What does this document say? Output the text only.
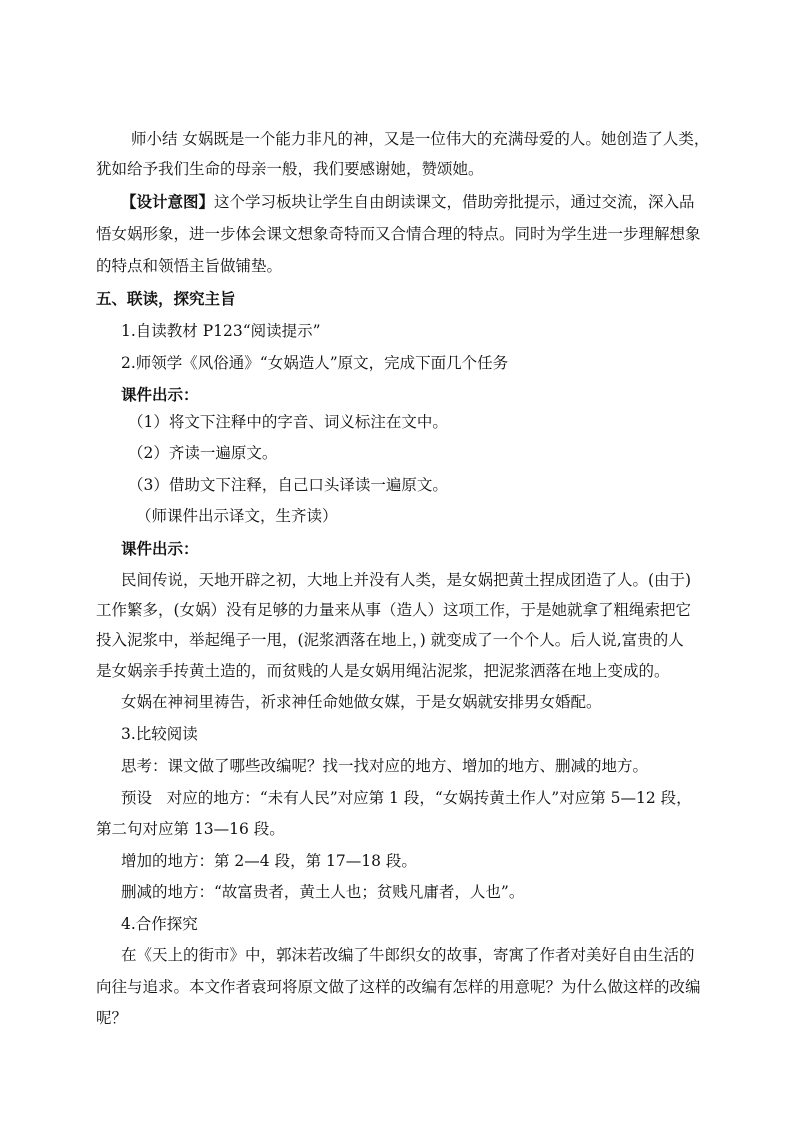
师小结 女娲既是一个能力非凡的神，又是一位伟大的充满母爱的人。她创造了人类，
犹如给予我们生命的母亲一般，我们要感谢她，赞颂她。
【设计意图】这个学习板块让学生自由朗读课文，借助旁批提示，通过交流，深入品
悟女娲形象，进一步体会课文想象奇特而又合情合理的特点。同时为学生进一步理解想象
的特点和领悟主旨做铺垫。
五、联读，探究主旨
1.自读教材 P123“阅读提示”
2.师领学《风俗通》“女娲造人”原文，完成下面几个任务
课件出示：
（1）将文下注释中的字音、词义标注在文中。
（2）齐读一遍原文。
（3）借助文下注释，自己口头译读一遍原文。
（师课件出示译文，生齐读）
课件出示：
民间传说，天地开辟之初，大地上并没有人类，是女娲把黄土捏成团造了人。(由于)
工作繁多，(女娲）没有足够的力量来从事（造人）这项工作，于是她就拿了粗绳索把它
投入泥浆中，举起绳子一甩，(泥浆洒落在地上，) 就变成了一个个人。后人说,富贵的人
是女娲亲手抟黄土造的，而贫贱的人是女娲用绳沾泥浆，把泥浆洒落在地上变成的。
女娲在神祠里祷告，祈求神任命她做女媒，于是女娲就安排男女婚配。
3.比较阅读
思考：课文做了哪些改编呢？找一找对应的地方、增加的地方、删减的地方。
预设   对应的地方：“未有人民”对应第 1 段，“女娲抟黄土作人”对应第 5—12 段，
第二句对应第 13—16 段。
增加的地方：第 2—4 段，第 17—18 段。
删减的地方：“故富贵者，黄土人也；贫贱凡庸者，人也”。
4.合作探究
在《天上的街市》中，郭沫若改编了牛郎织女的故事，寄寓了作者对美好自由生活的
向往与追求。本文作者袁珂将原文做了这样的改编有怎样的用意呢？为什么做这样的改编
呢？
